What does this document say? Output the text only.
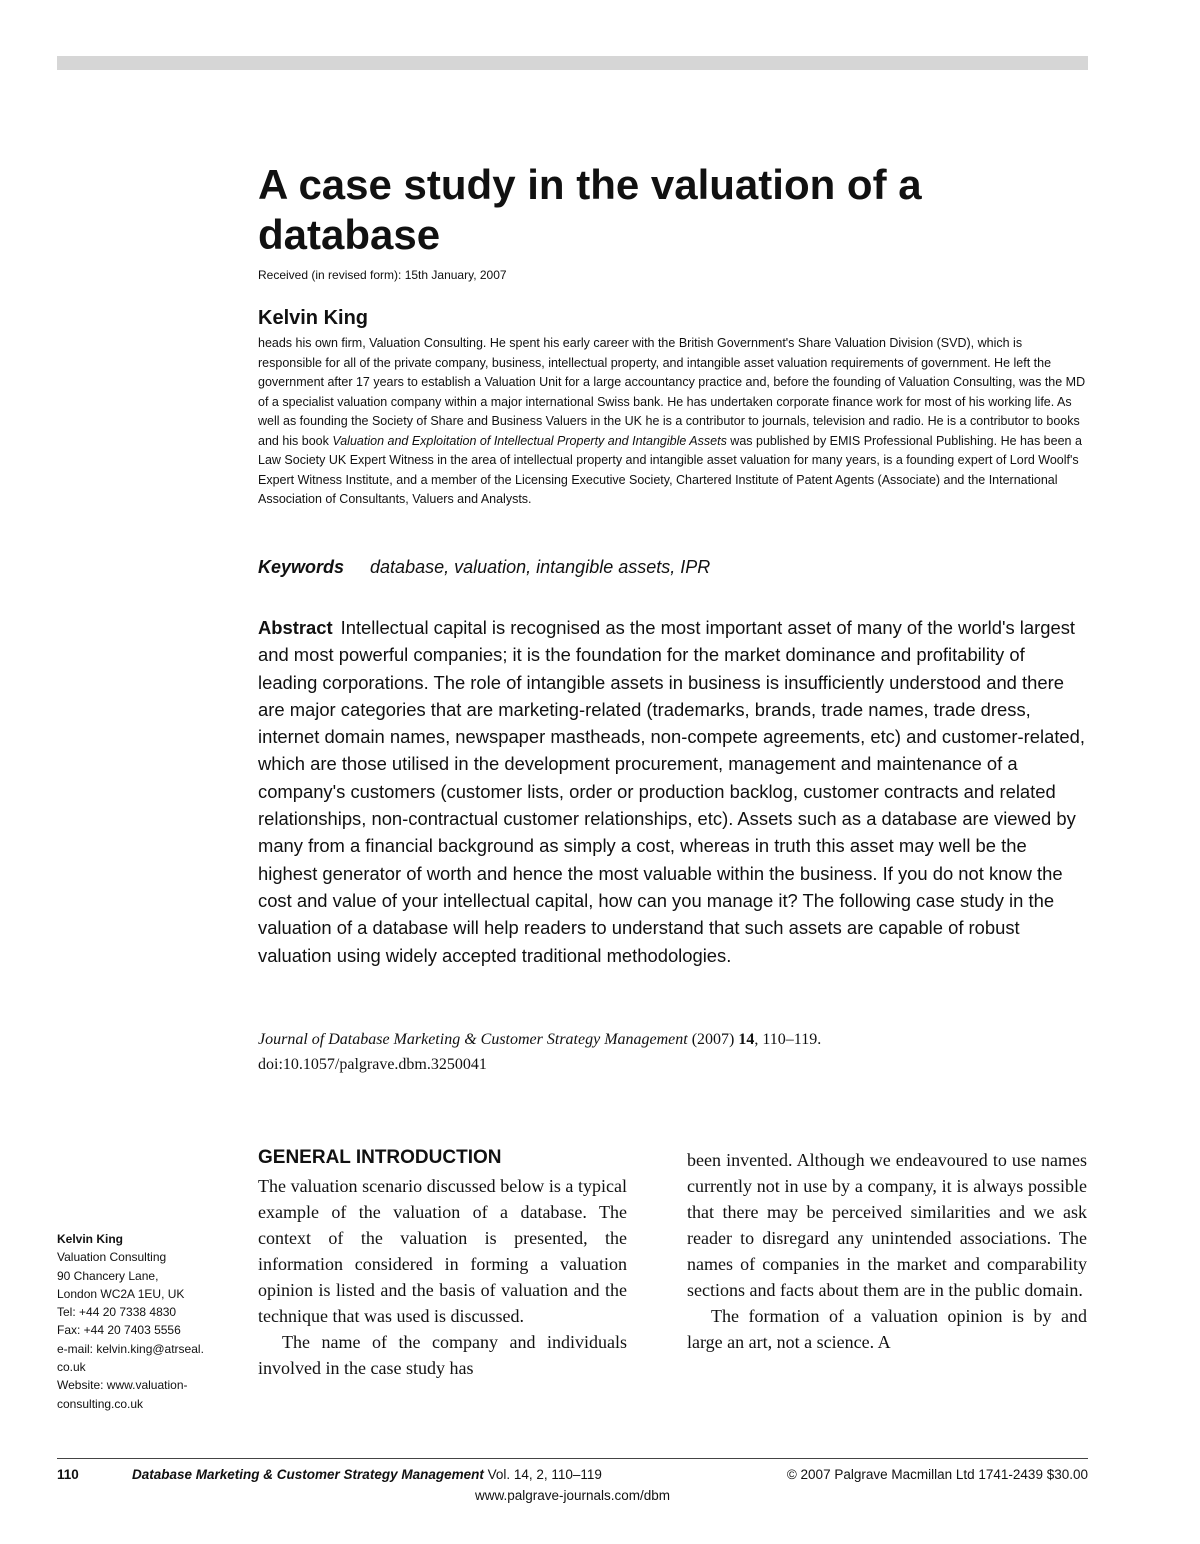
A case study in the valuation of a database
Received (in revised form): 15th January, 2007
Kelvin King
heads his own firm, Valuation Consulting. He spent his early career with the British Government's Share Valuation Division (SVD), which is responsible for all of the private company, business, intellectual property, and intangible asset valuation requirements of government. He left the government after 17 years to establish a Valuation Unit for a large accountancy practice and, before the founding of Valuation Consulting, was the MD of a specialist valuation company within a major international Swiss bank. He has undertaken corporate finance work for most of his working life. As well as founding the Society of Share and Business Valuers in the UK he is a contributor to journals, television and radio. He is a contributor to books and his book Valuation and Exploitation of Intellectual Property and Intangible Assets was published by EMIS Professional Publishing. He has been a Law Society UK Expert Witness in the area of intellectual property and intangible asset valuation for many years, is a founding expert of Lord Woolf's Expert Witness Institute, and a member of the Licensing Executive Society, Chartered Institute of Patent Agents (Associate) and the International Association of Consultants, Valuers and Analysts.
Keywords database, valuation, intangible assets, IPR
Abstract Intellectual capital is recognised as the most important asset of many of the world's largest and most powerful companies; it is the foundation for the market dominance and profitability of leading corporations. The role of intangible assets in business is insufficiently understood and there are major categories that are marketing-related (trademarks, brands, trade names, trade dress, internet domain names, newspaper mastheads, non-compete agreements, etc) and customer-related, which are those utilised in the development procurement, management and maintenance of a company's customers (customer lists, order or production backlog, customer contracts and related relationships, non-contractual customer relationships, etc). Assets such as a database are viewed by many from a financial background as simply a cost, whereas in truth this asset may well be the highest generator of worth and hence the most valuable within the business. If you do not know the cost and value of your intellectual capital, how can you manage it? The following case study in the valuation of a database will help readers to understand that such assets are capable of robust valuation using widely accepted traditional methodologies.
Journal of Database Marketing & Customer Strategy Management (2007) 14, 110–119.
doi:10.1057/palgrave.dbm.3250041
Kelvin King
Valuation Consulting
90 Chancery Lane,
London WC2A 1EU, UK
Tel: +44 20 7338 4830
Fax: +44 20 7403 5556
e-mail: kelvin.king@atrseal.
co.uk
Website: www.valuation-
consulting.co.uk
GENERAL INTRODUCTION

The valuation scenario discussed below is a typical example of the valuation of a database. The context of the valuation is presented, the information considered in forming a valuation opinion is listed and the basis of valuation and the technique that was used is discussed.

The name of the company and individuals involved in the case study has

been invented. Although we endeavoured to use names currently not in use by a company, it is always possible that there may be perceived similarities and we ask reader to disregard any unintended associations. The names of companies in the market and comparability sections and facts about them are in the public domain.

The formation of a valuation opinion is by and large an art, not a science. A

110	Database Marketing & Customer Strategy Management Vol. 14, 2, 110–119	© 2007 Palgrave Macmillan Ltd 1741-2439 $30.00
www.palgrave-journals.com/dbm
